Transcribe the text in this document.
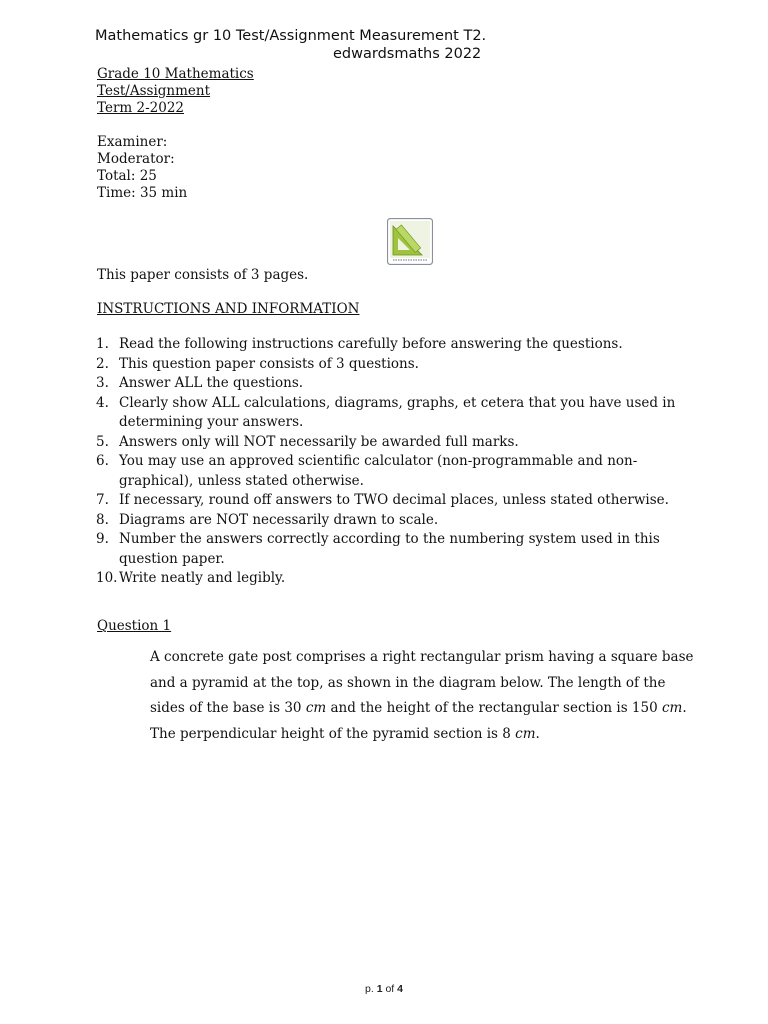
Mathematics gr 10 Test/Assignment Measurement T2.
edwardsmaths 2022
Grade 10 Mathematics
Test/Assignment
Term 2-2022
Examiner:
Moderator:
Total: 25
Time: 35 min
This paper consists of 3 pages.
INSTRUCTIONS AND INFORMATION
1. Read the following instructions carefully before answering the questions.
2. This question paper consists of 3 questions.
3. Answer ALL the questions.
4. Clearly show ALL calculations, diagrams, graphs, et cetera that you have used in determining your answers.
5. Answers only will NOT necessarily be awarded full marks.
6. You may use an approved scientific calculator (non-programmable and non-graphical), unless stated otherwise.
7. If necessary, round off answers to TWO decimal places, unless stated otherwise.
8. Diagrams are NOT necessarily drawn to scale.
9. Number the answers correctly according to the numbering system used in this question paper.
10. Write neatly and legibly.
Question 1
A concrete gate post comprises a right rectangular prism having a square base and a pyramid at the top, as shown in the diagram below. The length of the sides of the base is 30 cm and the height of the rectangular section is 150 cm. The perpendicular height of the pyramid section is 8 cm.
p. 1 of 4
